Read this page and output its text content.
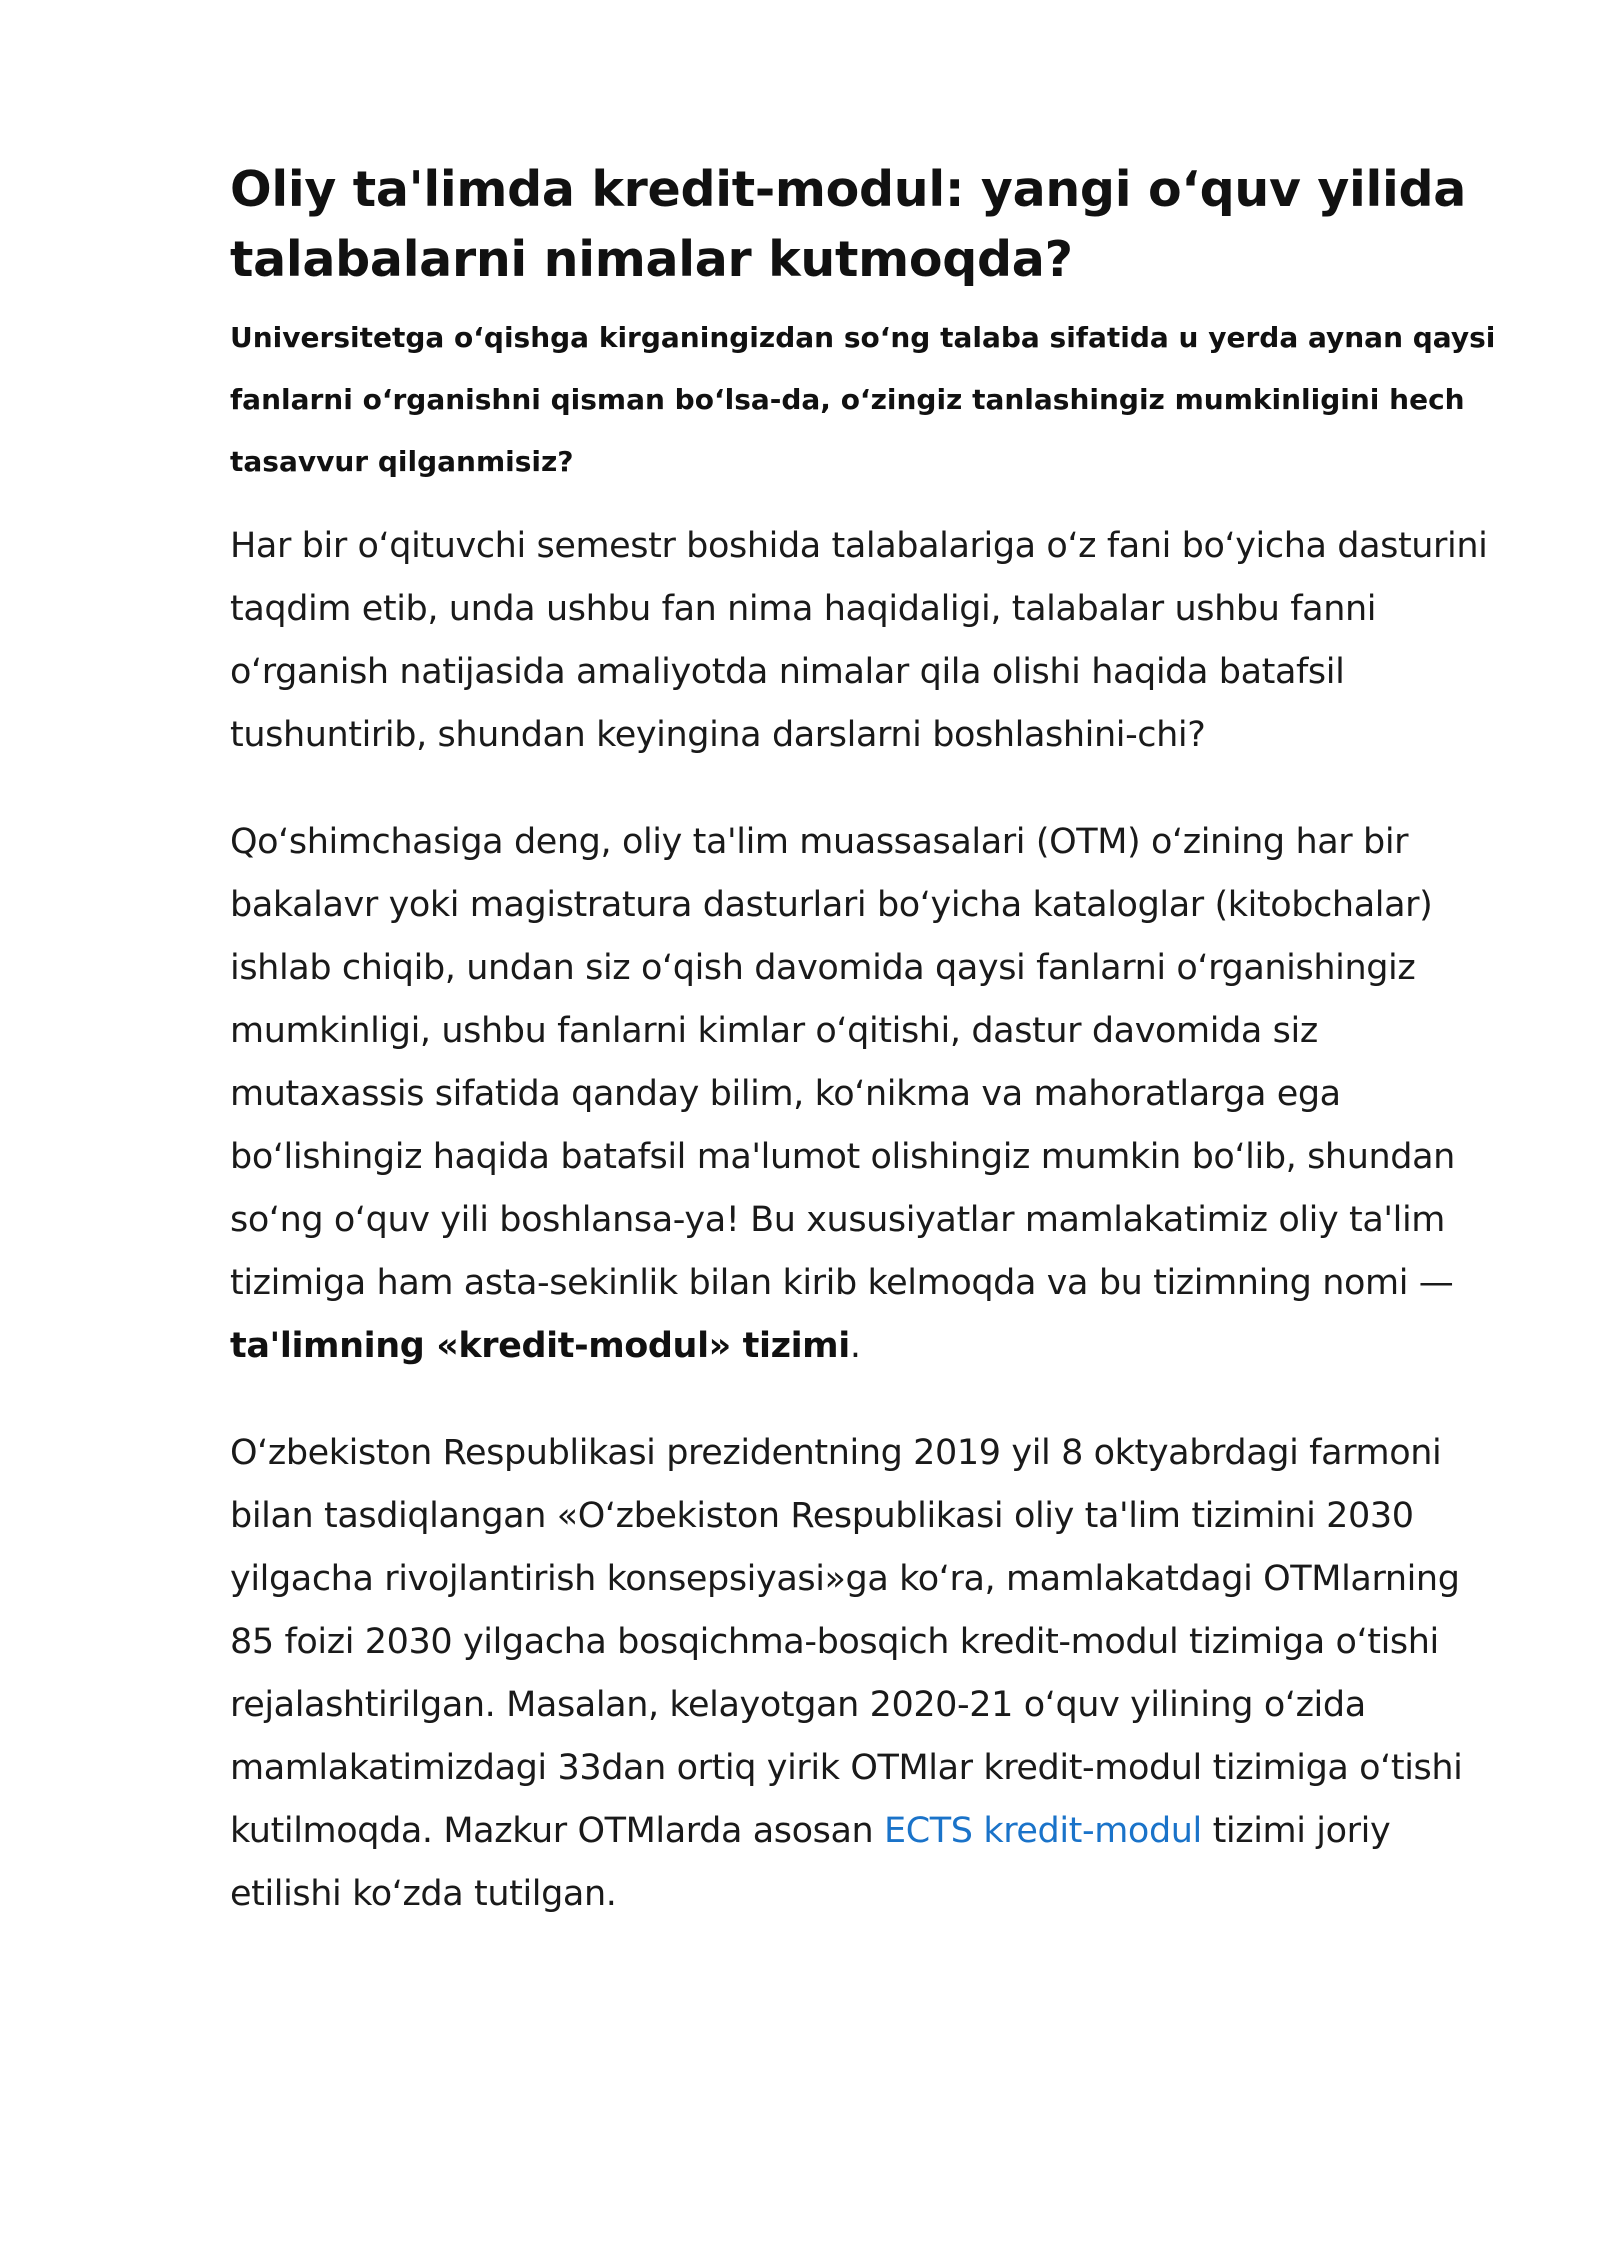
Oliy ta'limda kredit-modul: yangi o‘quv yilida talabalarni nimalar kutmoqda?

Universitetga o‘qishga kirganingizdan so‘ng talaba sifatida u yerda aynan qaysi fanlarni o‘rganishni qisman bo‘lsa-da, o‘zingiz tanlashingiz mumkinligini hech tasavvur qilganmisiz?

Har bir o‘qituvchi semestr boshida talabalariga o‘z fani bo‘yicha dasturini taqdim etib, unda ushbu fan nima haqidaligi, talabalar ushbu fanni o‘rganish natijasida amaliyotda nimalar qila olishi haqida batafsil tushuntirib, shundan keyingina darslarni boshlashini-chi?

Qo‘shimchasiga deng, oliy ta'lim muassasalari (OTM) o‘zining har bir bakalavr yoki magistratura dasturlari bo‘yicha kataloglar (kitobchalar) ishlab chiqib, undan siz o‘qish davomida qaysi fanlarni o‘rganishingiz mumkinligi, ushbu fanlarni kimlar o‘qitishi, dastur davomida siz mutaxassis sifatida qanday bilim, ko‘nikma va mahoratlarga ega bo‘lishingiz haqida batafsil ma'lumot olishingiz mumkin bo‘lib, shundan so‘ng o‘quv yili boshlansa-ya! Bu xususiyatlar mamlakatimiz oliy ta'lim tizimiga ham asta-sekinlik bilan kirib kelmoqda va bu tizimning nomi — ta'limning «kredit-modul» tizimi.

O‘zbekiston Respublikasi prezidentning 2019 yil 8 oktyabrdagi farmoni bilan tasdiqlangan «O‘zbekiston Respublikasi oliy ta'lim tizimini 2030 yilgacha rivojlantirish konsepsiyasi»ga ko‘ra, mamlakatdagi OTMlarning 85 foizi 2030 yilgacha bosqichma-bosqich kredit-modul tizimiga o‘tishi rejalashtirilgan. Masalan, kelayotgan 2020-21 o‘quv yilining o‘zida mamlakatimizdagi 33dan ortiq yirik OTMlar kredit-modul tizimiga o‘tishi kutilmoqda. Mazkur OTMlarda asosan ECTS kredit-modul tizimi joriy etilishi ko‘zda tutilgan.
